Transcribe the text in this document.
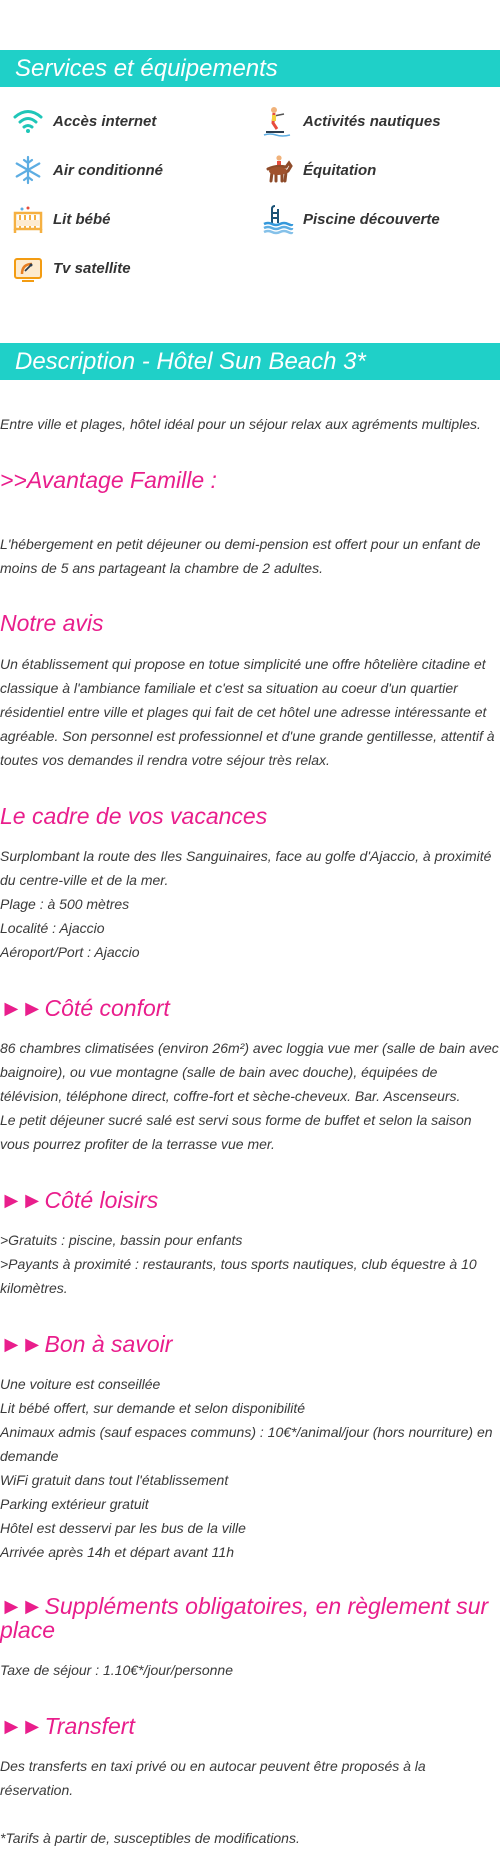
Services et équipements
Accès internet	Activités nautiques
Air conditionné	Équitation
Lit bébé	Piscine découverte
Tv satellite
Description - Hôtel Sun Beach 3*
Entre ville et plages, hôtel idéal pour un séjour relax aux agréments multiples.
>>Avantage Famille :
L'hébergement en petit déjeuner ou demi-pension est offert pour un enfant de moins de 5 ans partageant la chambre de 2 adultes.
Notre avis
Un établissement qui propose en totue simplicité une offre hôtelière citadine et classique à l'ambiance familiale et c'est sa situation au coeur d'un quartier résidentiel entre ville et plages qui fait de cet hôtel une adresse intéressante et agréable. Son personnel est professionnel et d'une grande gentillesse, attentif à toutes vos demandes il rendra votre séjour très relax.
Le cadre de vos vacances
Surplombant la route des Iles Sanguinaires, face au golfe d'Ajaccio, à proximité du centre-ville et de la mer.
Plage : à 500 mètres
Localité : Ajaccio
Aéroport/Port : Ajaccio
►► Côté confort
86 chambres climatisées (environ 26m²) avec loggia vue mer (salle de bain avec baignoire), ou vue montagne (salle de bain avec douche), équipées de télévision, téléphone direct, coffre-fort et sèche-cheveux. Bar. Ascenseurs.
Le petit déjeuner sucré salé est servi sous forme de buffet et selon la saison vous pourrez profiter de la terrasse vue mer.
►► Côté loisirs
>Gratuits : piscine, bassin pour enfants
>Payants à proximité : restaurants, tous sports nautiques, club équestre à 10 kilomètres.
►► Bon à savoir
Une voiture est conseillée
Lit bébé offert, sur demande et selon disponibilité
Animaux admis (sauf espaces communs) : 10€*/animal/jour (hors nourriture) en demande
WiFi gratuit dans tout l'établissement
Parking extérieur gratuit
Hôtel est desservi par les bus de la ville
Arrivée après 14h et départ avant 11h
►► Suppléments obligatoires, en règlement sur place
Taxe de séjour : 1.10€*/jour/personne
►► Transfert
Des transferts en taxi privé ou en autocar peuvent être proposés à la réservation.
*Tarifs à partir de, susceptibles de modifications.
